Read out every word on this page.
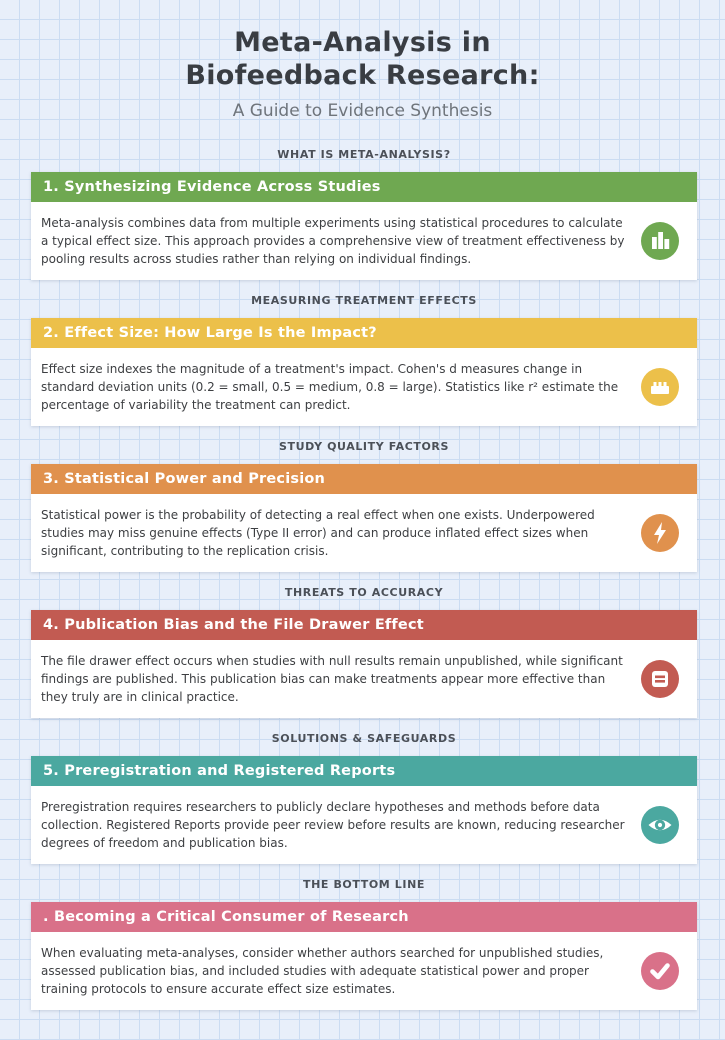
Meta-Analysis in
Biofeedback Research:
A Guide to Evidence Synthesis
WHAT IS META-ANALYSIS?
1. Synthesizing Evidence Across Studies

Meta-analysis combines data from multiple experiments using statistical procedures to calculate a typical effect size. This approach provides a comprehensive view of treatment effectiveness by pooling results across studies rather than relying on individual findings.

MEASURING TREATMENT EFFECTS
2. Effect Size: How Large Is the Impact?

Effect size indexes the magnitude of a treatment's impact. Cohen's d measures change in standard deviation units (0.2 = small, 0.5 = medium, 0.8 = large). Statistics like r² estimate the percentage of variability the treatment can predict.

STUDY QUALITY FACTORS
3. Statistical Power and Precision

Statistical power is the probability of detecting a real effect when one exists. Underpowered studies may miss genuine effects (Type II error) and can produce inflated effect sizes when significant, contributing to the replication crisis.

THREATS TO ACCURACY
4. Publication Bias and the File Drawer Effect

The file drawer effect occurs when studies with null results remain unpublished, while significant findings are published. This publication bias can make treatments appear more effective than they truly are in clinical practice.

SOLUTIONS & SAFEGUARDS
5. Preregistration and Registered Reports

Preregistration requires researchers to publicly declare hypotheses and methods before data collection. Registered Reports provide peer review before results are known, reducing researcher degrees of freedom and publication bias.

THE BOTTOM LINE
. Becoming a Critical Consumer of Research

When evaluating meta-analyses, consider whether authors searched for unpublished studies, assessed publication bias, and included studies with adequate statistical power and proper training protocols to ensure accurate effect size estimates.
